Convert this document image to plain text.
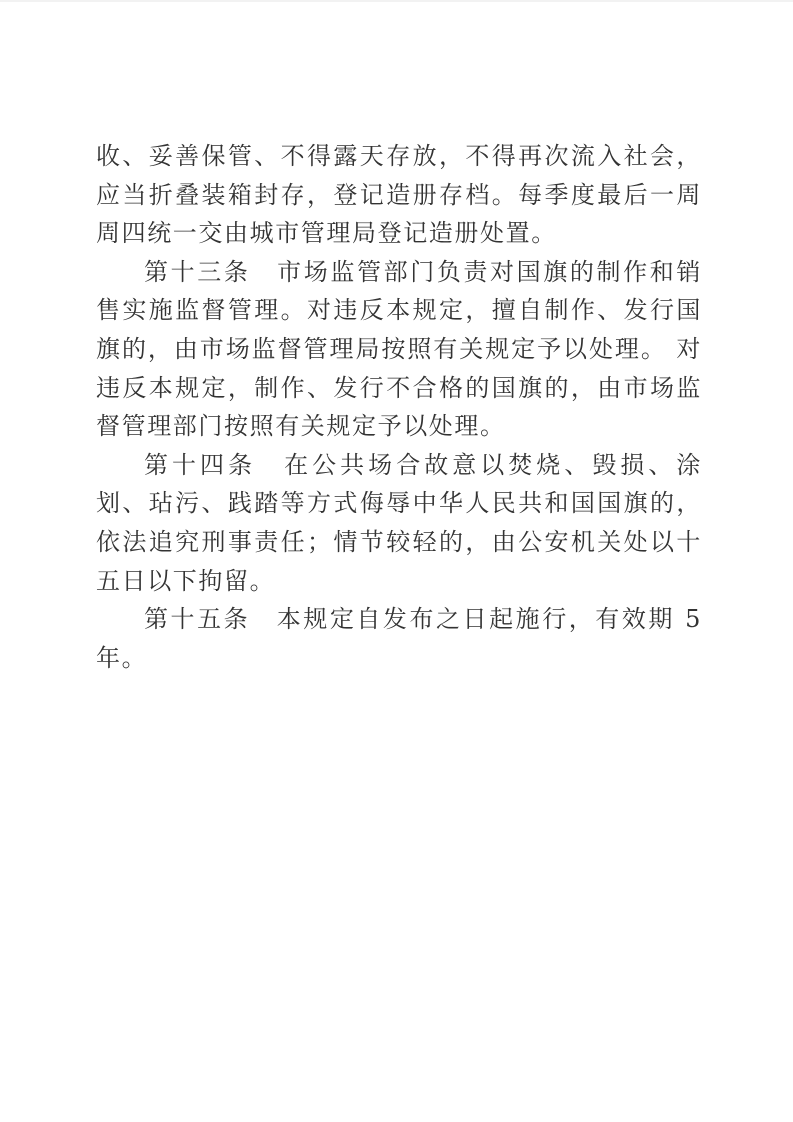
收、妥善保管、不得露天存放，不得再次流入社会，应当折叠装箱封存，登记造册存档。每季度最后一周周四统一交由城市管理局登记造册处置。

第十三条　市场监管部门负责对国旗的制作和销售实施监督管理。对违反本规定，擅自制作、发行国旗的，由市场监督管理局按照有关规定予以处理。 对违反本规定，制作、发行不合格的国旗的，由市场监督管理部门按照有关规定予以处理。

第十四条　在公共场合故意以焚烧、毁损、涂划、玷污、践踏等方式侮辱中华人民共和国国旗的，依法追究刑事责任；情节较轻的，由公安机关处以十五日以下拘留。

第十五条　本规定自发布之日起施行，有效期 5 年。
